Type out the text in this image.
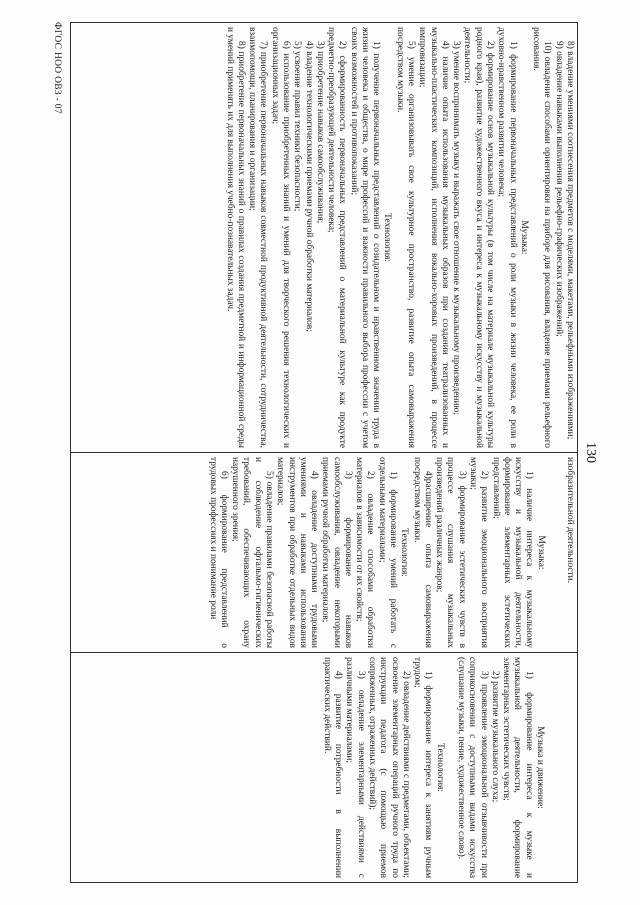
130

8) владение умениями соотнесения предметов с моделями, макетами, рельефными изображениями;

9) овладение навыками выполнения рельефно-графических изображений;

10) овладение способами ориентировки на приборе для рисования, владение приемами рельефного рисования.

Музыка:

1) формирование первоначальных представлений о роли музыки в жизни человека, ее роли в духовно-нравственном развитии человека;

2) формирование основ музыкальной культуры (в том числе на материале музыкальной культуры родного края), развитие художественного вкуса и интереса к музыкальному искусству и музыкальной деятельности;

3) умение воспринимать музыку и выражать свое отношение к музыкальному произведению;

4) наличие опыта использования музыкальных образов при создании театрализованных и музыкально-пластических композиций, исполнения вокально-хоровых произведений, в процессе импровизации;

5) умение организовывать свое культурное пространство, развитие опыта самовыражения посредством музыки.

Технология:

1) получение первоначальных представлений о созидательном и нравственном значении труда в жизни человека и общества, о мире профессий и важности правильного выбора профессии с учетом своих возможностей и противопоказаний;

2) сформированность первоначальных представлений о материальной культуре как продукте предметно-преобразующей деятельности человека;

3) приобретение навыков самообслуживания;

4) владение технологическими приемами ручной обработки материалов;

5) усвоение правил техники безопасности;

6) использование приобретенных знаний и умений для творческого решения технологических и организационных задач;

7) приобретение первоначальных навыков совместной продуктивной деятельности, сотрудничества, взаимопомощи, планирования и организации;

8) приобретение первоначальных знаний о правилах создания предметной и информационной среды и умений применять их для выполнения учебно-познавательных задач.

изобразительной деятельности.

Музыка:

1) наличие интереса к музыкальному искусству и музыкальной деятельности, формирование элементарных эстетических представлений;

2) развитие эмоционального восприятия музыки;

3) формирование эстетических чувств в процессе слушания музыкальных произведений различных жанров;

4)расширение опыта самовыражения посредством музыки.

Технология:

1) формирование умений работать с отдельными материалами;

2) овладение способами обработки материалов в зависимости от их свойств;

3) формирование навыков самообслуживания, овладение некоторыми приемами ручной обработки материалов;

4) овладение доступными трудовыми умениями и навыками использования инструментов при обработке отдельных видов материалов;

5) овладение правилами безопасной работы и соблюдение офтальмо-гигиенических требований, обеспечивающих охрану нарушенного зрения;

6) формирование представлений о трудовых профессиях и понимание роли

Музыка и движение:

1) формирование интереса к музыке и музыкальной деятельности, формирование элементарных эстетических чувств;

2) развитие музыкального слуха;

3) проявление эмоциональной отзывчивости при соприкосновении с доступными видами искусства (слушание музыки, пение, художественное слово).

Технология:

1) формирование интереса к занятиям ручным трудом;

2) овладение действиями с предметами, объектами; освоение элементарных операций ручного труда по инструкции педагога (с помощью приемов сопряженных, отраженных действий);

3) овладение элементарными действиями с различными материалами;

4) развитие потребности в выполнении практических действий.

ФГОС НОО ОВЗ - 07
